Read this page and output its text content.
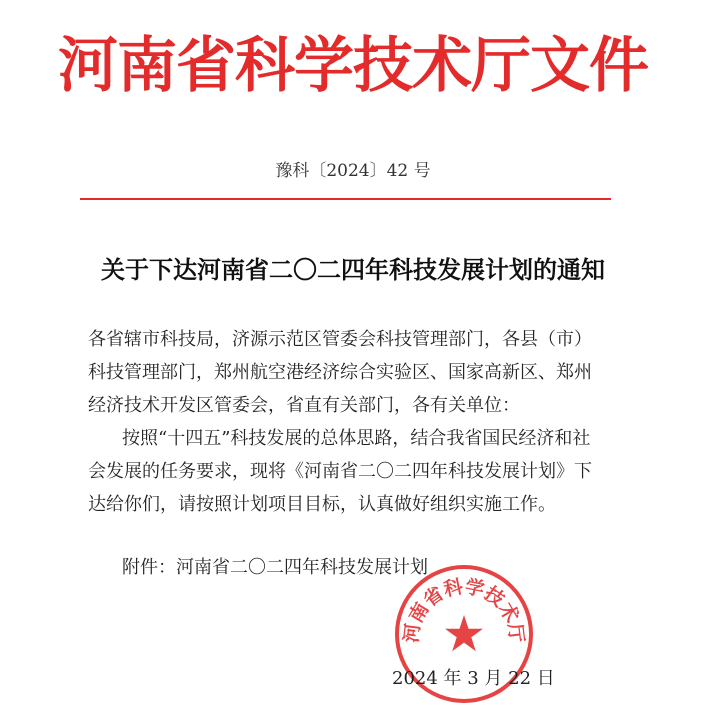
河南省科学技术厅文件
豫科〔2024〕42 号
关于下达河南省二〇二四年科技发展计划的通知
各省辖市科技局，济源示范区管委会科技管理部门，各县（市）
科技管理部门，郑州航空港经济综合实验区、国家高新区、郑州
经济技术开发区管委会，省直有关部门，各有关单位：
按照“十四五”科技发展的总体思路，结合我省国民经济和社
会发展的任务要求，现将《河南省二〇二四年科技发展计划》下
达给你们，请按照计划项目目标，认真做好组织实施工作。
附件：河南省二〇二四年科技发展计划
河南省科学技术厅
2024 年 3 月 22 日
